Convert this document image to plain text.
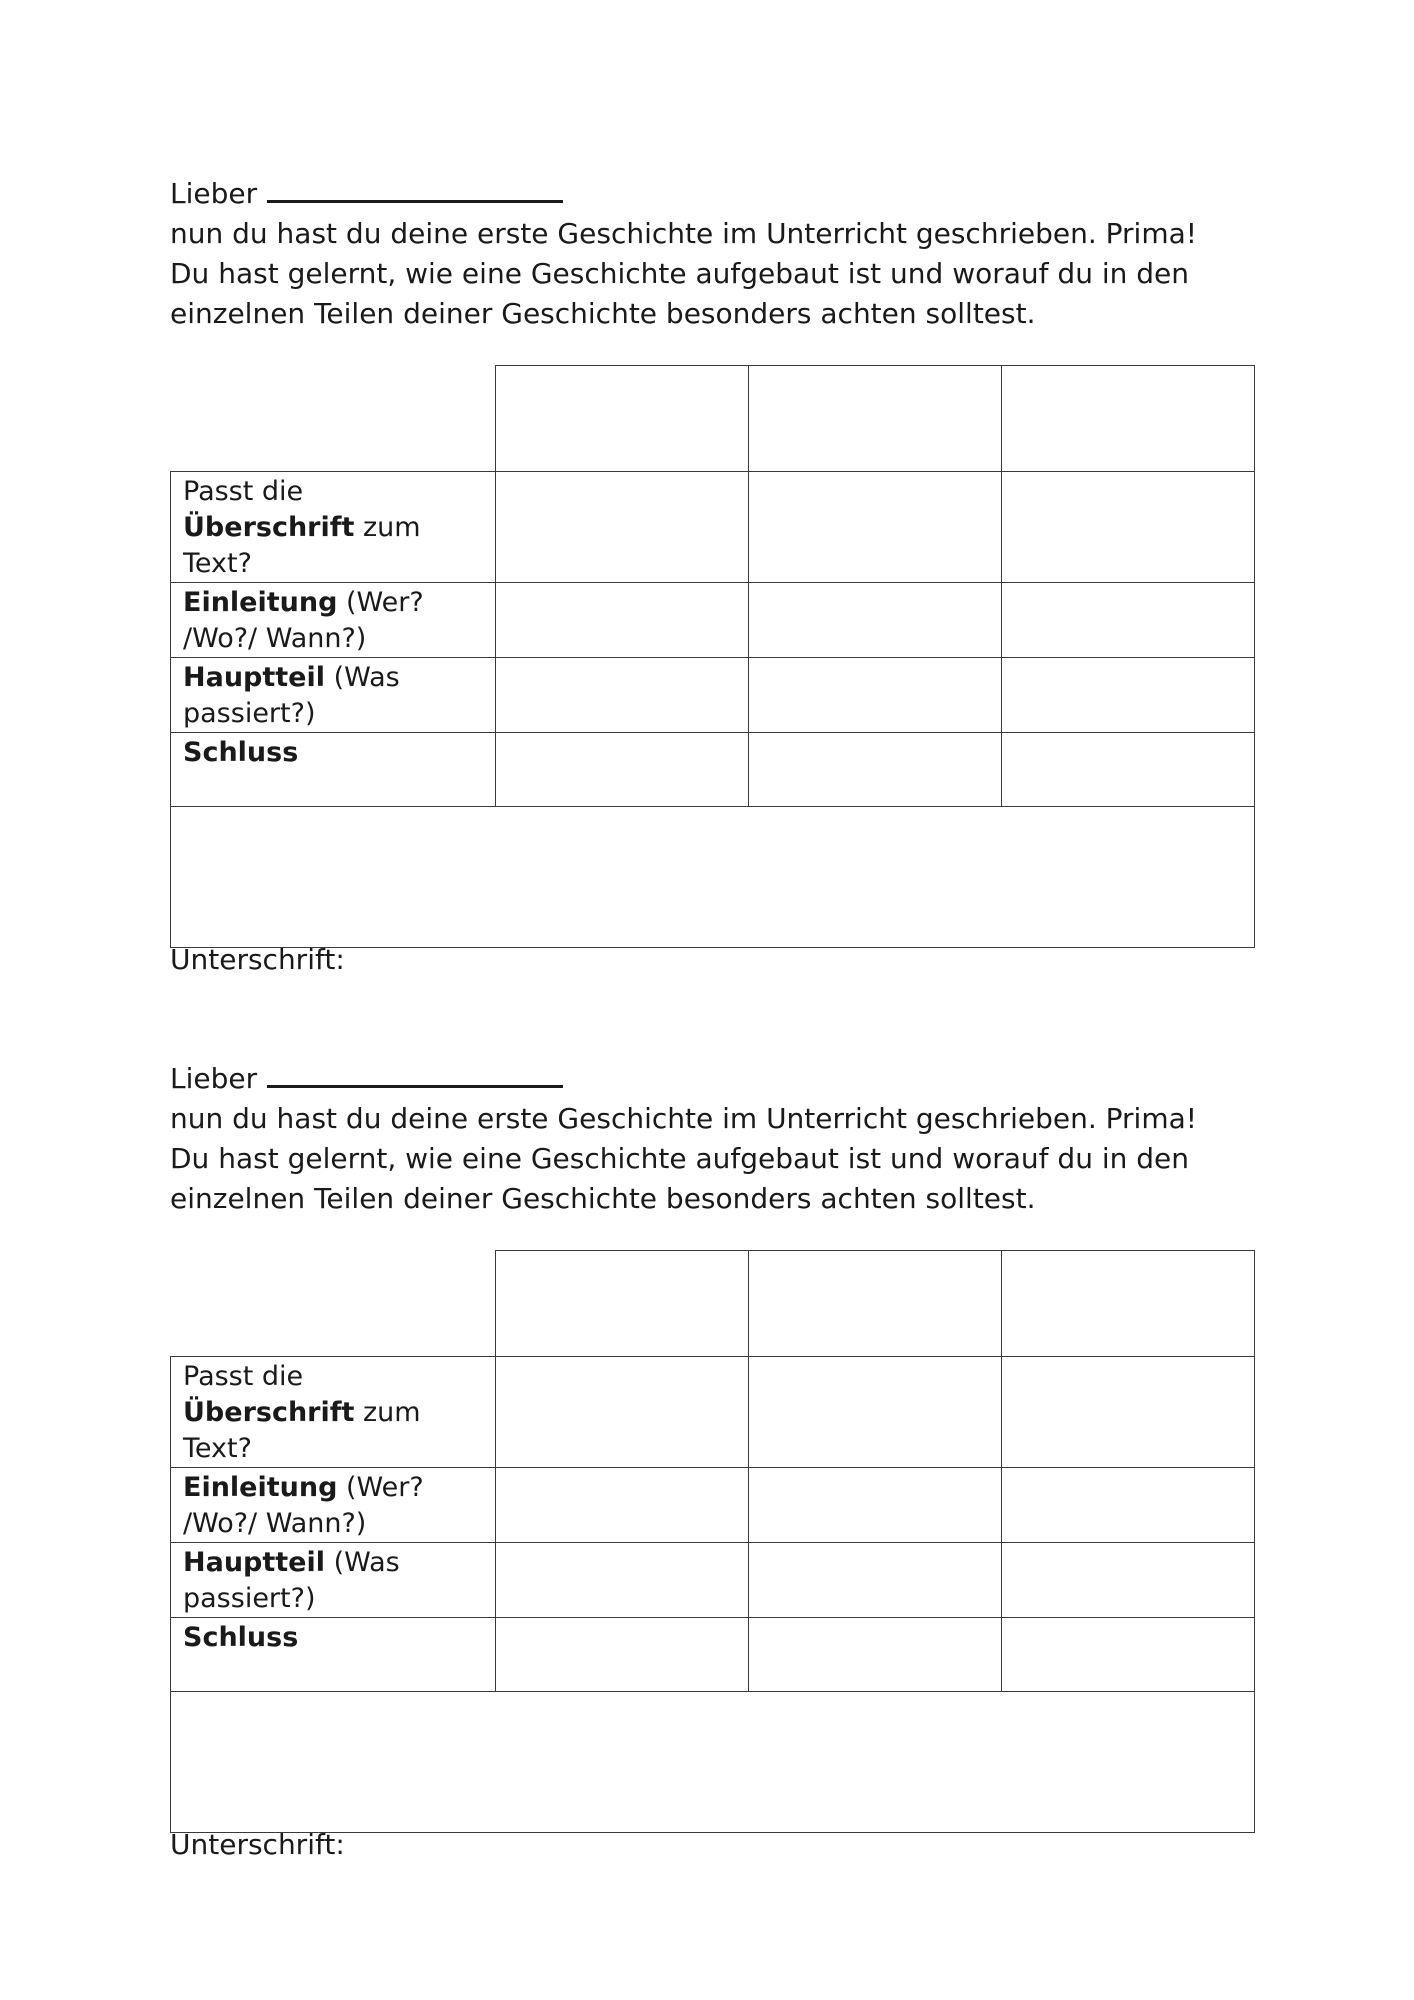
Lieber

nun du hast du deine erste Geschichte im Unterricht geschrieben. Prima!

Du hast gelernt, wie eine Geschichte aufgebaut ist und worauf du in den

einzelnen Teilen deiner Geschichte besonders achten solltest.

Passt die Überschrift zum Text?			

Einleitung (Wer? /Wo?/ Wann?)			

Hauptteil (Was passiert?)			

Schluss			

Unterschrift:

Lieber

nun du hast du deine erste Geschichte im Unterricht geschrieben. Prima!

Du hast gelernt, wie eine Geschichte aufgebaut ist und worauf du in den

einzelnen Teilen deiner Geschichte besonders achten solltest.

Passt die Überschrift zum Text?			

Einleitung (Wer? /Wo?/ Wann?)			

Hauptteil (Was passiert?)			

Schluss			

Unterschrift:
